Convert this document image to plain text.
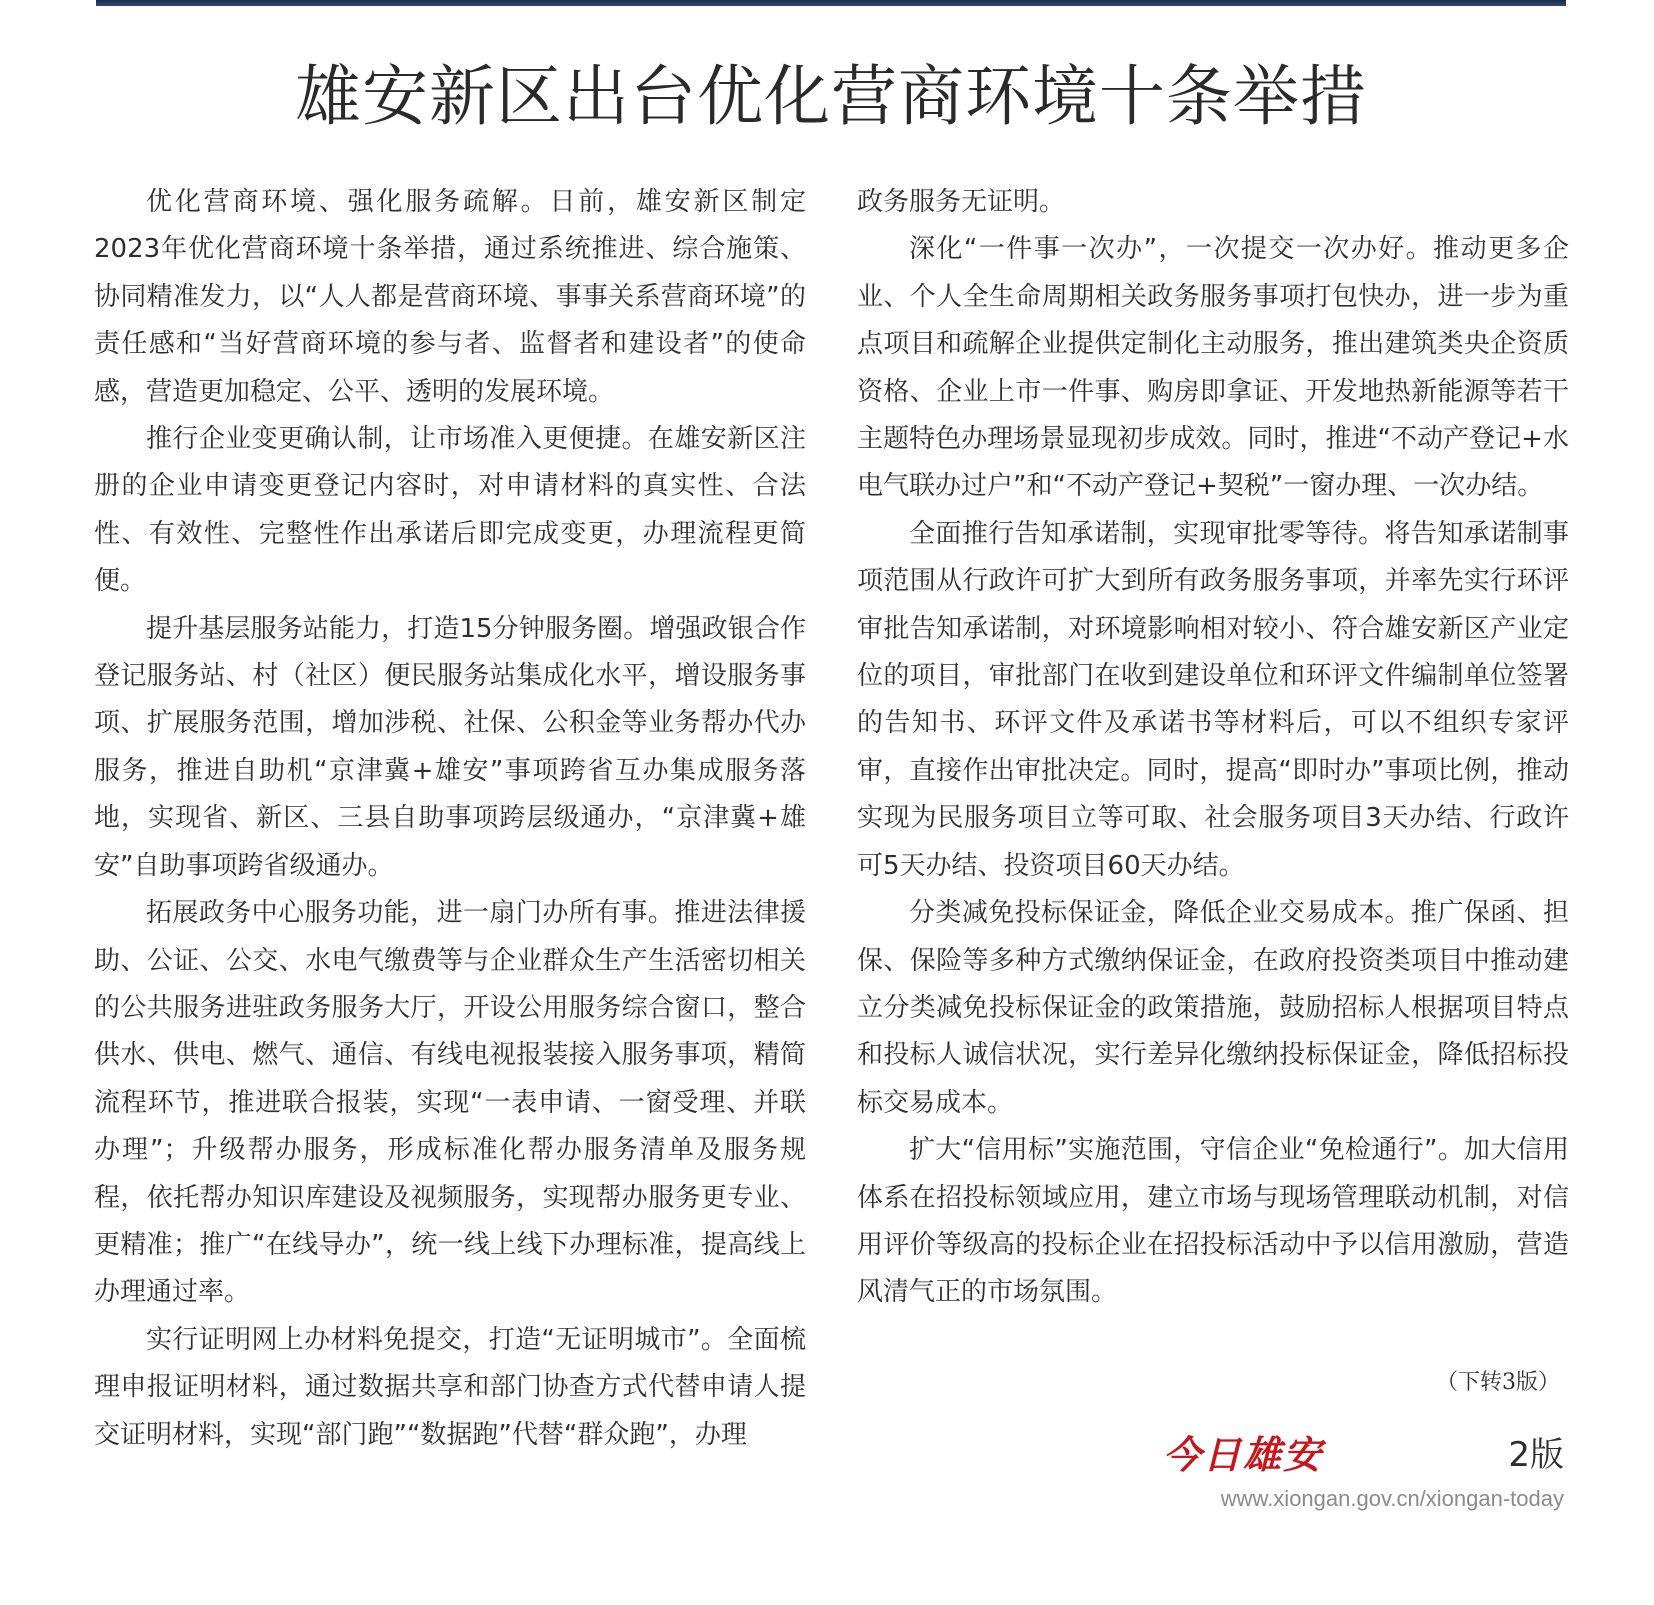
雄安新区出台优化营商环境十条举措

优化营商环境、强化服务疏解。日前，雄安新区制定2023年优化营商环境十条举措，通过系统推进、综合施策、协同精准发力，以“人人都是营商环境、事事关系营商环境”的责任感和“当好营商环境的参与者、监督者和建设者”的使命感，营造更加稳定、公平、透明的发展环境。

推行企业变更确认制，让市场准入更便捷。在雄安新区注册的企业申请变更登记内容时，对申请材料的真实性、合法性、有效性、完整性作出承诺后即完成变更，办理流程更简便。

提升基层服务站能力，打造15分钟服务圈。增强政银合作登记服务站、村（社区）便民服务站集成化水平，增设服务事项、扩展服务范围，增加涉税、社保、公积金等业务帮办代办服务，推进自助机“京津冀+雄安”事项跨省互办集成服务落地，实现省、新区、三县自助事项跨层级通办，“京津冀+雄安”自助事项跨省级通办。

拓展政务中心服务功能，进一扇门办所有事。推进法律援助、公证、公交、水电气缴费等与企业群众生产生活密切相关的公共服务进驻政务服务大厅，开设公用服务综合窗口，整合供水、供电、燃气、通信、有线电视报装接入服务事项，精简流程环节，推进联合报装，实现“一表申请、一窗受理、并联办理”；升级帮办服务，形成标准化帮办服务清单及服务规程，依托帮办知识库建设及视频服务，实现帮办服务更专业、更精准；推广“在线导办”，统一线上线下办理标准，提高线上办理通过率。

实行证明网上办材料免提交，打造“无证明城市”。全面梳理申报证明材料，通过数据共享和部门协查方式代替申请人提交证明材料，实现“部门跑”“数据跑”代替“群众跑”，办理

政务服务无证明。

深化“一件事一次办”，一次提交一次办好。推动更多企业、个人全生命周期相关政务服务事项打包快办，进一步为重点项目和疏解企业提供定制化主动服务，推出建筑类央企资质资格、企业上市一件事、购房即拿证、开发地热新能源等若干主题特色办理场景显现初步成效。同时，推进“不动产登记+水电气联办过户”和“不动产登记+契税”一窗办理、一次办结。

全面推行告知承诺制，实现审批零等待。将告知承诺制事项范围从行政许可扩大到所有政务服务事项，并率先实行环评审批告知承诺制，对环境影响相对较小、符合雄安新区产业定位的项目，审批部门在收到建设单位和环评文件编制单位签署的告知书、环评文件及承诺书等材料后，可以不组织专家评审，直接作出审批决定。同时，提高“即时办”事项比例，推动实现为民服务项目立等可取、社会服务项目3天办结、行政许可5天办结、投资项目60天办结。

分类减免投标保证金，降低企业交易成本。推广保函、担保、保险等多种方式缴纳保证金，在政府投资类项目中推动建立分类减免投标保证金的政策措施，鼓励招标人根据项目特点和投标人诚信状况，实行差异化缴纳投标保证金，降低招标投标交易成本。

扩大“信用标”实施范围，守信企业“免检通行”。加大信用体系在招投标领域应用，建立市场与现场管理联动机制，对信用评价等级高的投标企业在招投标活动中予以信用激励，营造风清气正的市场氛围。

（下转3版）
今日雄安	2版
www.xiongan.gov.cn/xiongan-today
